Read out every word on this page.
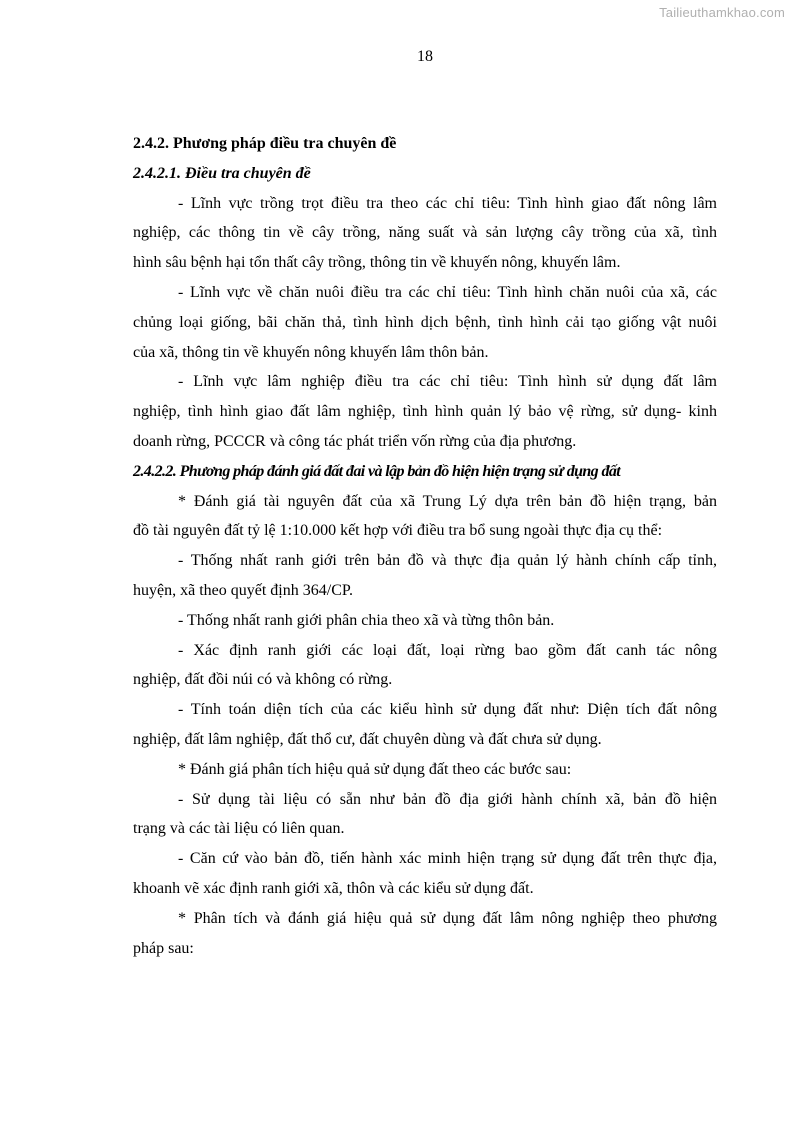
Tailieuthamkhao.com
18
2.4.2. Phương pháp điều tra chuyên đề
2.4.2.1. Điều tra chuyên đề
- Lĩnh vực trồng trọt điều tra theo các chỉ tiêu: Tình hình giao đất nông lâm
nghiệp, các thông tin về cây trồng, năng suất và sản lượng cây trồng của xã, tình
hình sâu bệnh hại tổn thất cây trồng, thông tin về khuyến nông, khuyến lâm.
- Lĩnh vực về chăn nuôi điều tra các chỉ tiêu: Tình hình chăn nuôi của xã, các
chủng loại giống, bãi chăn thả, tình hình dịch bệnh, tình hình cải tạo giống vật nuôi
của xã, thông tin về khuyến nông khuyến lâm thôn bản.
- Lĩnh vực lâm nghiệp điều tra các chỉ tiêu: Tình hình sử dụng đất lâm
nghiệp, tình hình giao đất lâm nghiệp, tình hình quản lý bảo vệ rừng, sử dụng- kinh
doanh rừng, PCCCR và công tác phát triển vốn rừng của địa phương.
2.4.2.2. Phương pháp đánh giá đất đai và lập bản đồ hiện hiện trạng sử dụng đất
* Đánh giá tài nguyên đất của xã Trung Lý dựa trên bản đồ hiện trạng, bản
đồ tài nguyên đất tỷ lệ 1:10.000 kết hợp với điều tra bổ sung ngoài thực địa cụ thể:
- Thống nhất ranh giới trên bản đồ và thực địa quản lý hành chính cấp tỉnh,
huyện, xã theo quyết định 364/CP.
- Thống nhất ranh giới phân chia theo xã và từng thôn bản.
- Xác định ranh giới các loại đất, loại rừng bao gồm đất canh tác nông
nghiệp, đất đồi núi có và không có rừng.
- Tính toán diện tích của các kiểu hình sử dụng đất như: Diện tích đất nông
nghiệp, đất lâm nghiệp, đất thổ cư, đất chuyên dùng và đất chưa sử dụng.
* Đánh giá phân tích hiệu quả sử dụng đất theo các bước sau:
- Sử dụng tài liệu có sẵn như bản đồ địa giới hành chính xã, bản đồ hiện
trạng và các tài liệu có liên quan.
- Căn cứ vào bản đồ, tiến hành xác minh hiện trạng sử dụng đất trên thực địa,
khoanh vẽ xác định ranh giới xã, thôn và các kiểu sử dụng đất.
* Phân tích và đánh giá hiệu quả sử dụng đất lâm nông nghiệp theo phương
pháp sau:
